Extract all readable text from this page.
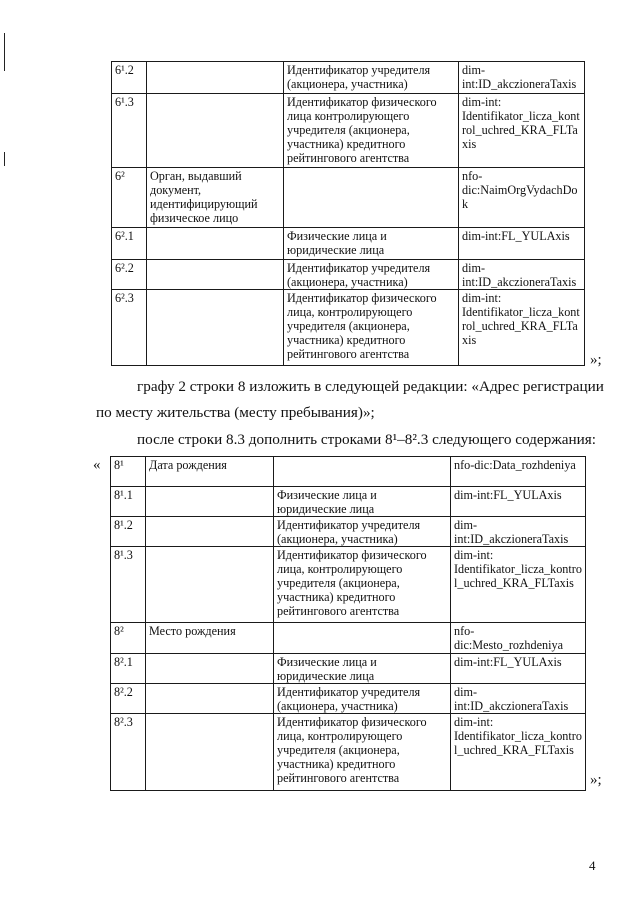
6¹.2		Идентификатор учредителя (акционера, участника)	dim-int:ID_akczioneraTaxis
6¹.3		Идентификатор физического лица контролирующего учредителя (акционера, участника) кредитного рейтингового агентства	dim-int: Identifikator_licza_kontrol_uchred_KRA_FLTaxis
6²	Орган, выдавший документ, идентифицирующий физическое лицо		nfo-dic:NaimOrgVydachDok
6².1		Физические лица и юридические лица	dim-int:FL_YULAxis
6².2		Идентификатор учредителя (акционера, участника)	dim-int:ID_akczioneraTaxis
6².3		Идентификатор физического лица, контролирующего учредителя (акционера, участника) кредитного рейтингового агентства	dim-int: Identifikator_licza_kontrol_uchred_KRA_FLTaxis
»;

графу 2 строки 8 изложить в следующей редакции: «Адрес регистрации

по месту жительства (месту пребывания)»;

после строки 8.3 дополнить строками 8¹–8².3 следующего содержания:

« 8¹	Дата рождения		nfo-dic:Data_rozhdeniya
8¹.1		Физические лица и юридические лица	dim-int:FL_YULAxis
8¹.2		Идентификатор учредителя (акционера, участника)	dim-int:ID_akczioneraTaxis
8¹.3		Идентификатор физического лица, контролирующего учредителя (акционера, участника) кредитного рейтингового агентства	dim-int: Identifikator_licza_kontrol_uchred_KRA_FLTaxis
8²	Место рождения		nfo-dic:Mesto_rozhdeniya
8².1		Физические лица и юридические лица	dim-int:FL_YULAxis
8².2		Идентификатор учредителя (акционера, участника)	dim-int:ID_akczioneraTaxis
8².3		Идентификатор физического лица, контролирующего учредителя (акционера, участника) кредитного рейтингового агентства	dim-int: Identifikator_licza_kontrol_uchred_KRA_FLTaxis
»;
4
